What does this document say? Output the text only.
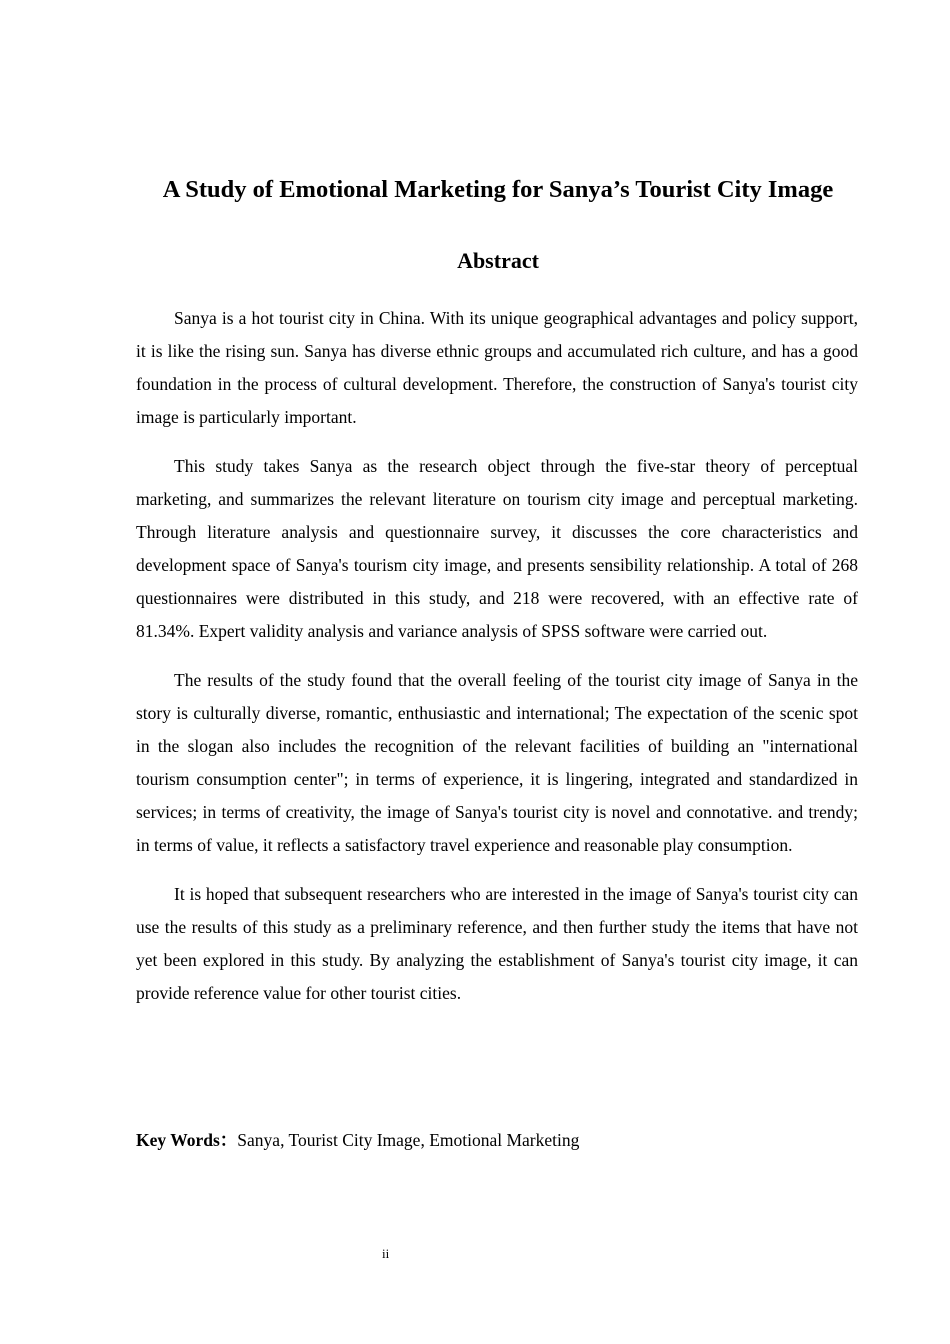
A Study of Emotional Marketing for Sanya’s Tourist City Image
Abstract

Sanya is a hot tourist city in China. With its unique geographical advantages and policy support, it is like the rising sun. Sanya has diverse ethnic groups and accumulated rich culture, and has a good foundation in the process of cultural development. Therefore, the construction of Sanya's tourist city image is particularly important.

This study takes Sanya as the research object through the five-star theory of perceptual marketing, and summarizes the relevant literature on tourism city image and perceptual marketing. Through literature analysis and questionnaire survey, it discusses the core characteristics and development space of Sanya's tourism city image, and presents sensibility relationship. A total of 268 questionnaires were distributed in this study, and 218 were recovered, with an effective rate of 81.34%. Expert validity analysis and variance analysis of SPSS software were carried out.

The results of the study found that the overall feeling of the tourist city image of Sanya in the story is culturally diverse, romantic, enthusiastic and international; The expectation of the scenic spot in the slogan also includes the recognition of the relevant facilities of building an "international tourism consumption center"; in terms of experience, it is lingering, integrated and standardized in services; in terms of creativity, the image of Sanya's tourist city is novel and connotative. and trendy; in terms of value, it reflects a satisfactory travel experience and reasonable play consumption.

It is hoped that subsequent researchers who are interested in the image of Sanya's tourist city can use the results of this study as a preliminary reference, and then further study the items that have not yet been explored in this study. By analyzing the establishment of Sanya's tourist city image, it can provide reference value for other tourist cities.

Key Words：Sanya, Tourist City Image, Emotional Marketing
ii
